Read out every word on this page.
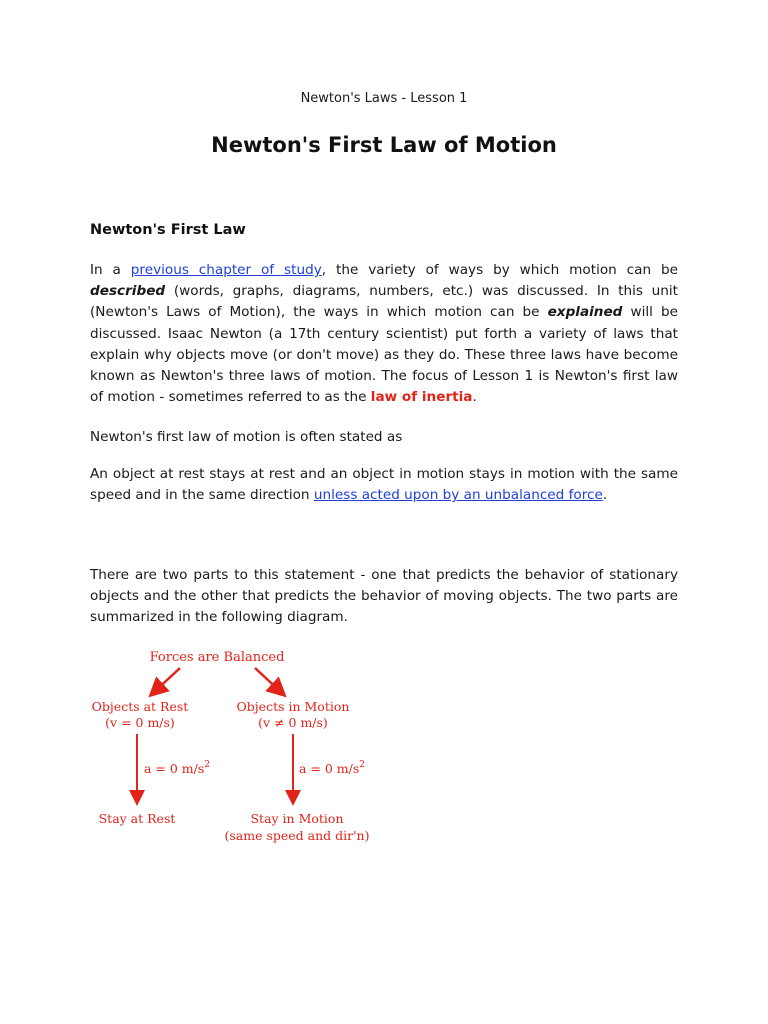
Newton's Laws - Lesson 1
Newton's First Law of Motion
Newton's First Law

In a previous chapter of study, the variety of ways by which motion can be described (words, graphs, diagrams, numbers, etc.) was discussed. In this unit (Newton's Laws of Motion), the ways in which motion can be explained will be discussed. Isaac Newton (a 17th century scientist) put forth a variety of laws that explain why objects move (or don't move) as they do. These three laws have become known as Newton's three laws of motion. The focus of Lesson 1 is Newton's first law of motion - sometimes referred to as the law of inertia.

Newton's first law of motion is often stated as

An object at rest stays at rest and an object in motion stays in motion with the same speed and in the same direction unless acted upon by an unbalanced force.

There are two parts to this statement - one that predicts the behavior of stationary objects and the other that predicts the behavior of moving objects. The two parts are summarized in the following diagram.

Forces are Balanced
Objects at Rest
(v = 0 m/s)
Objects in Motion
(v ≠ 0 m/s)
a = 0 $m/s^2$	a = 0 $m/s^2$
Stay at Rest	Stay in Motion
(same speed and dir'n)
